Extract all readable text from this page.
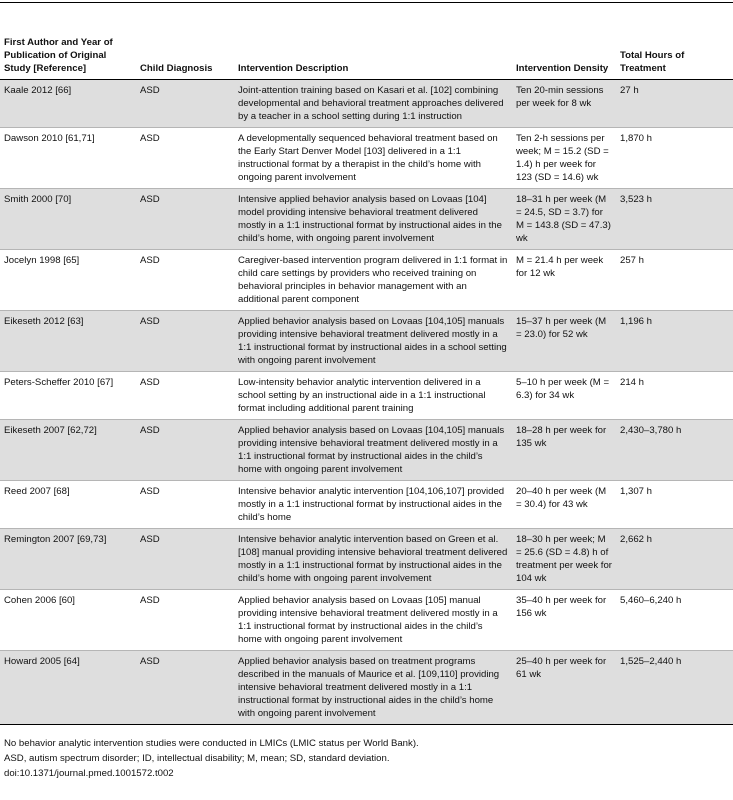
First Author and Year of Publication of Original Study [Reference]	Child Diagnosis	Intervention Description	Intervention Density	Total Hours of Treatment
Kaale 2012 [66]	ASD	Joint-attention training based on Kasari et al. [102] combining developmental and behavioral treatment approaches delivered by a teacher in a school setting during 1:1 instruction	Ten 20-min sessions per week for 8 wk	27 h
Dawson 2010 [61,71]	ASD	A developmentally sequenced behavioral treatment based on the Early Start Denver Model [103] delivered in a 1:1 instructional format by a therapist in the child’s home with ongoing parent involvement	Ten 2-h sessions per week; M = 15.2 (SD = 1.4) h per week for 123 (SD = 14.6) wk	1,870 h
Smith 2000 [70]	ASD	Intensive applied behavior analysis based on Lovaas [104] model providing intensive behavioral treatment delivered mostly in a 1:1 instructional format by instructional aides in the child’s home, with ongoing parent involvement	18–31 h per week (M = 24.5, SD = 3.7) for M = 143.8 (SD = 47.3) wk	3,523 h
Jocelyn 1998 [65]	ASD	Caregiver-based intervention program delivered in 1:1 format in child care settings by providers who received training on behavioral principles in behavior management with an additional parent component	M = 21.4 h per week for 12 wk	257 h
Eikeseth 2012 [63]	ASD	Applied behavior analysis based on Lovaas [104,105] manuals providing intensive behavioral treatment delivered mostly in a 1:1 instructional format by instructional aides in a school setting with ongoing parent involvement	15–37 h per week (M = 23.0) for 52 wk	1,196 h
Peters-Scheffer 2010 [67]	ASD	Low-intensity behavior analytic intervention delivered in a school setting by an instructional aide in a 1:1 instructional format including additional parent training	5–10 h per week (M = 6.3) for 34 wk	214 h
Eikeseth 2007 [62,72]	ASD	Applied behavior analysis based on Lovaas [104,105] manuals providing intensive behavioral treatment delivered mostly in a 1:1 instructional format by instructional aides in the child’s home with ongoing parent involvement	18–28 h per week for 135 wk	2,430–3,780 h
Reed 2007 [68]	ASD	Intensive behavior analytic intervention [104,106,107] provided mostly in a 1:1 instructional format by instructional aides in the child’s home	20–40 h per week (M = 30.4) for 43 wk	1,307 h
Remington 2007 [69,73]	ASD	Intensive behavior analytic intervention based on Green et al. [108] manual providing intensive behavioral treatment delivered mostly in a 1:1 instructional format by instructional aides in the child’s home with ongoing parent involvement	18–30 h per week; M = 25.6 (SD = 4.8) h of treatment per week for 104 wk	2,662 h
Cohen 2006 [60]	ASD	Applied behavior analysis based on Lovaas [105] manual providing intensive behavioral treatment delivered mostly in a 1:1 instructional format by instructional aides in the child’s home with ongoing parent involvement	35–40 h per week for 156 wk	5,460–6,240 h
Howard 2005 [64]	ASD	Applied behavior analysis based on treatment programs described in the manuals of Maurice et al. [109,110] providing intensive behavioral treatment delivered mostly in a 1:1 instructional format by instructional aides in the child’s home with ongoing parent involvement	25–40 h per week for 61 wk	1,525–2,440 h
No behavior analytic intervention studies were conducted in LMICs (LMIC status per World Bank).
ASD, autism spectrum disorder; ID, intellectual disability; M, mean; SD, standard deviation.
doi:10.1371/journal.pmed.1001572.t002
